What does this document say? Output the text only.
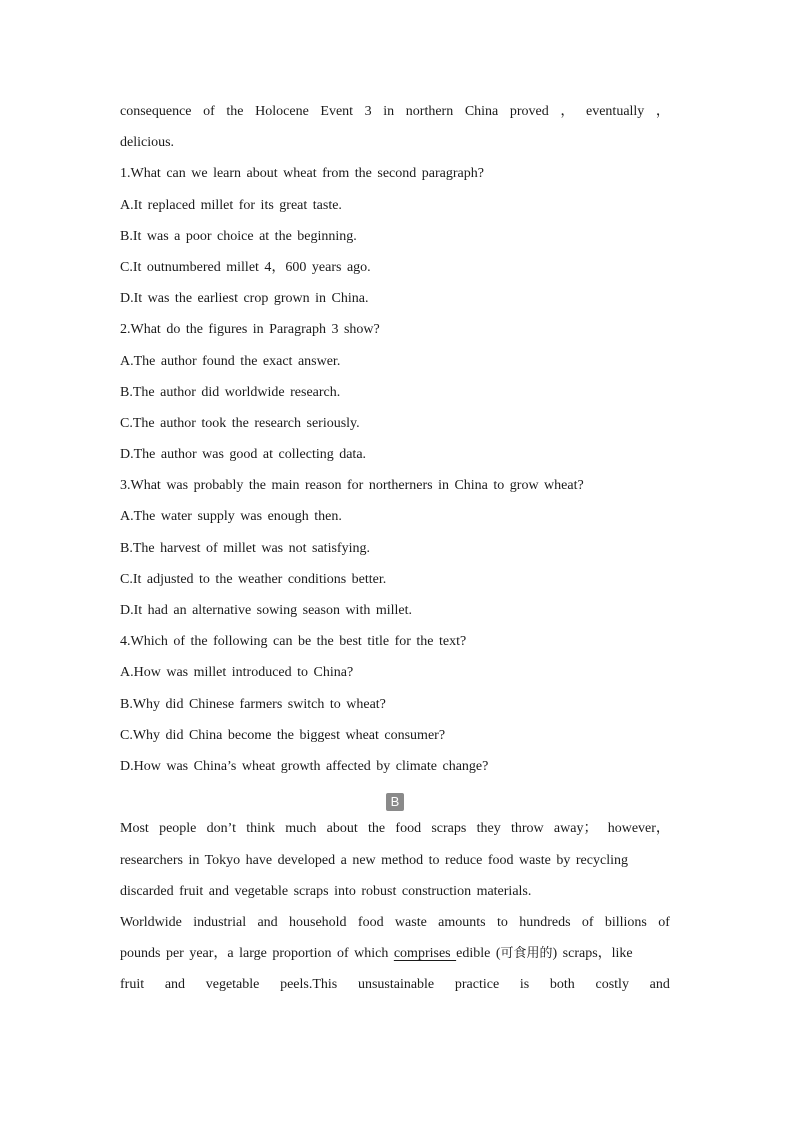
consequence of the Holocene Event 3 in northern China proved ， eventually ，
delicious.
1.What can we learn about wheat from the second paragraph?
A.It replaced millet for its great taste.
B.It was a poor choice at the beginning.
C.It outnumbered millet 4，600 years ago.
D.It was the earliest crop grown in China.
2.What do the figures in Paragraph 3 show?
A.The author found the exact answer.
B.The author did worldwide research.
C.The author took the research seriously.
D.The author was good at collecting data.
3.What was probably the main reason for northerners in China to grow wheat?
A.The water supply was enough then.
B.The harvest of millet was not satisfying.
C.It adjusted to the weather conditions better.
D.It had an alternative sowing season with millet.
4.Which of the following can be the best title for the text?
A.How was millet introduced to China?
B.Why did Chinese farmers switch to wheat?
C.Why did China become the biggest wheat consumer?
D.How was China’s wheat growth affected by climate change?
B
Most people don’t think much about the food scraps they throw away； however，
researchers in Tokyo have developed a new method to reduce food waste by recycling
discarded fruit and vegetable scraps into robust construction materials.
Worldwide industrial and household food waste amounts to hundreds of billions of
pounds per year，a large proportion of which comprises edible (可食用的) scraps，like
fruit and vegetable peels.This unsustainable practice is both costly and
